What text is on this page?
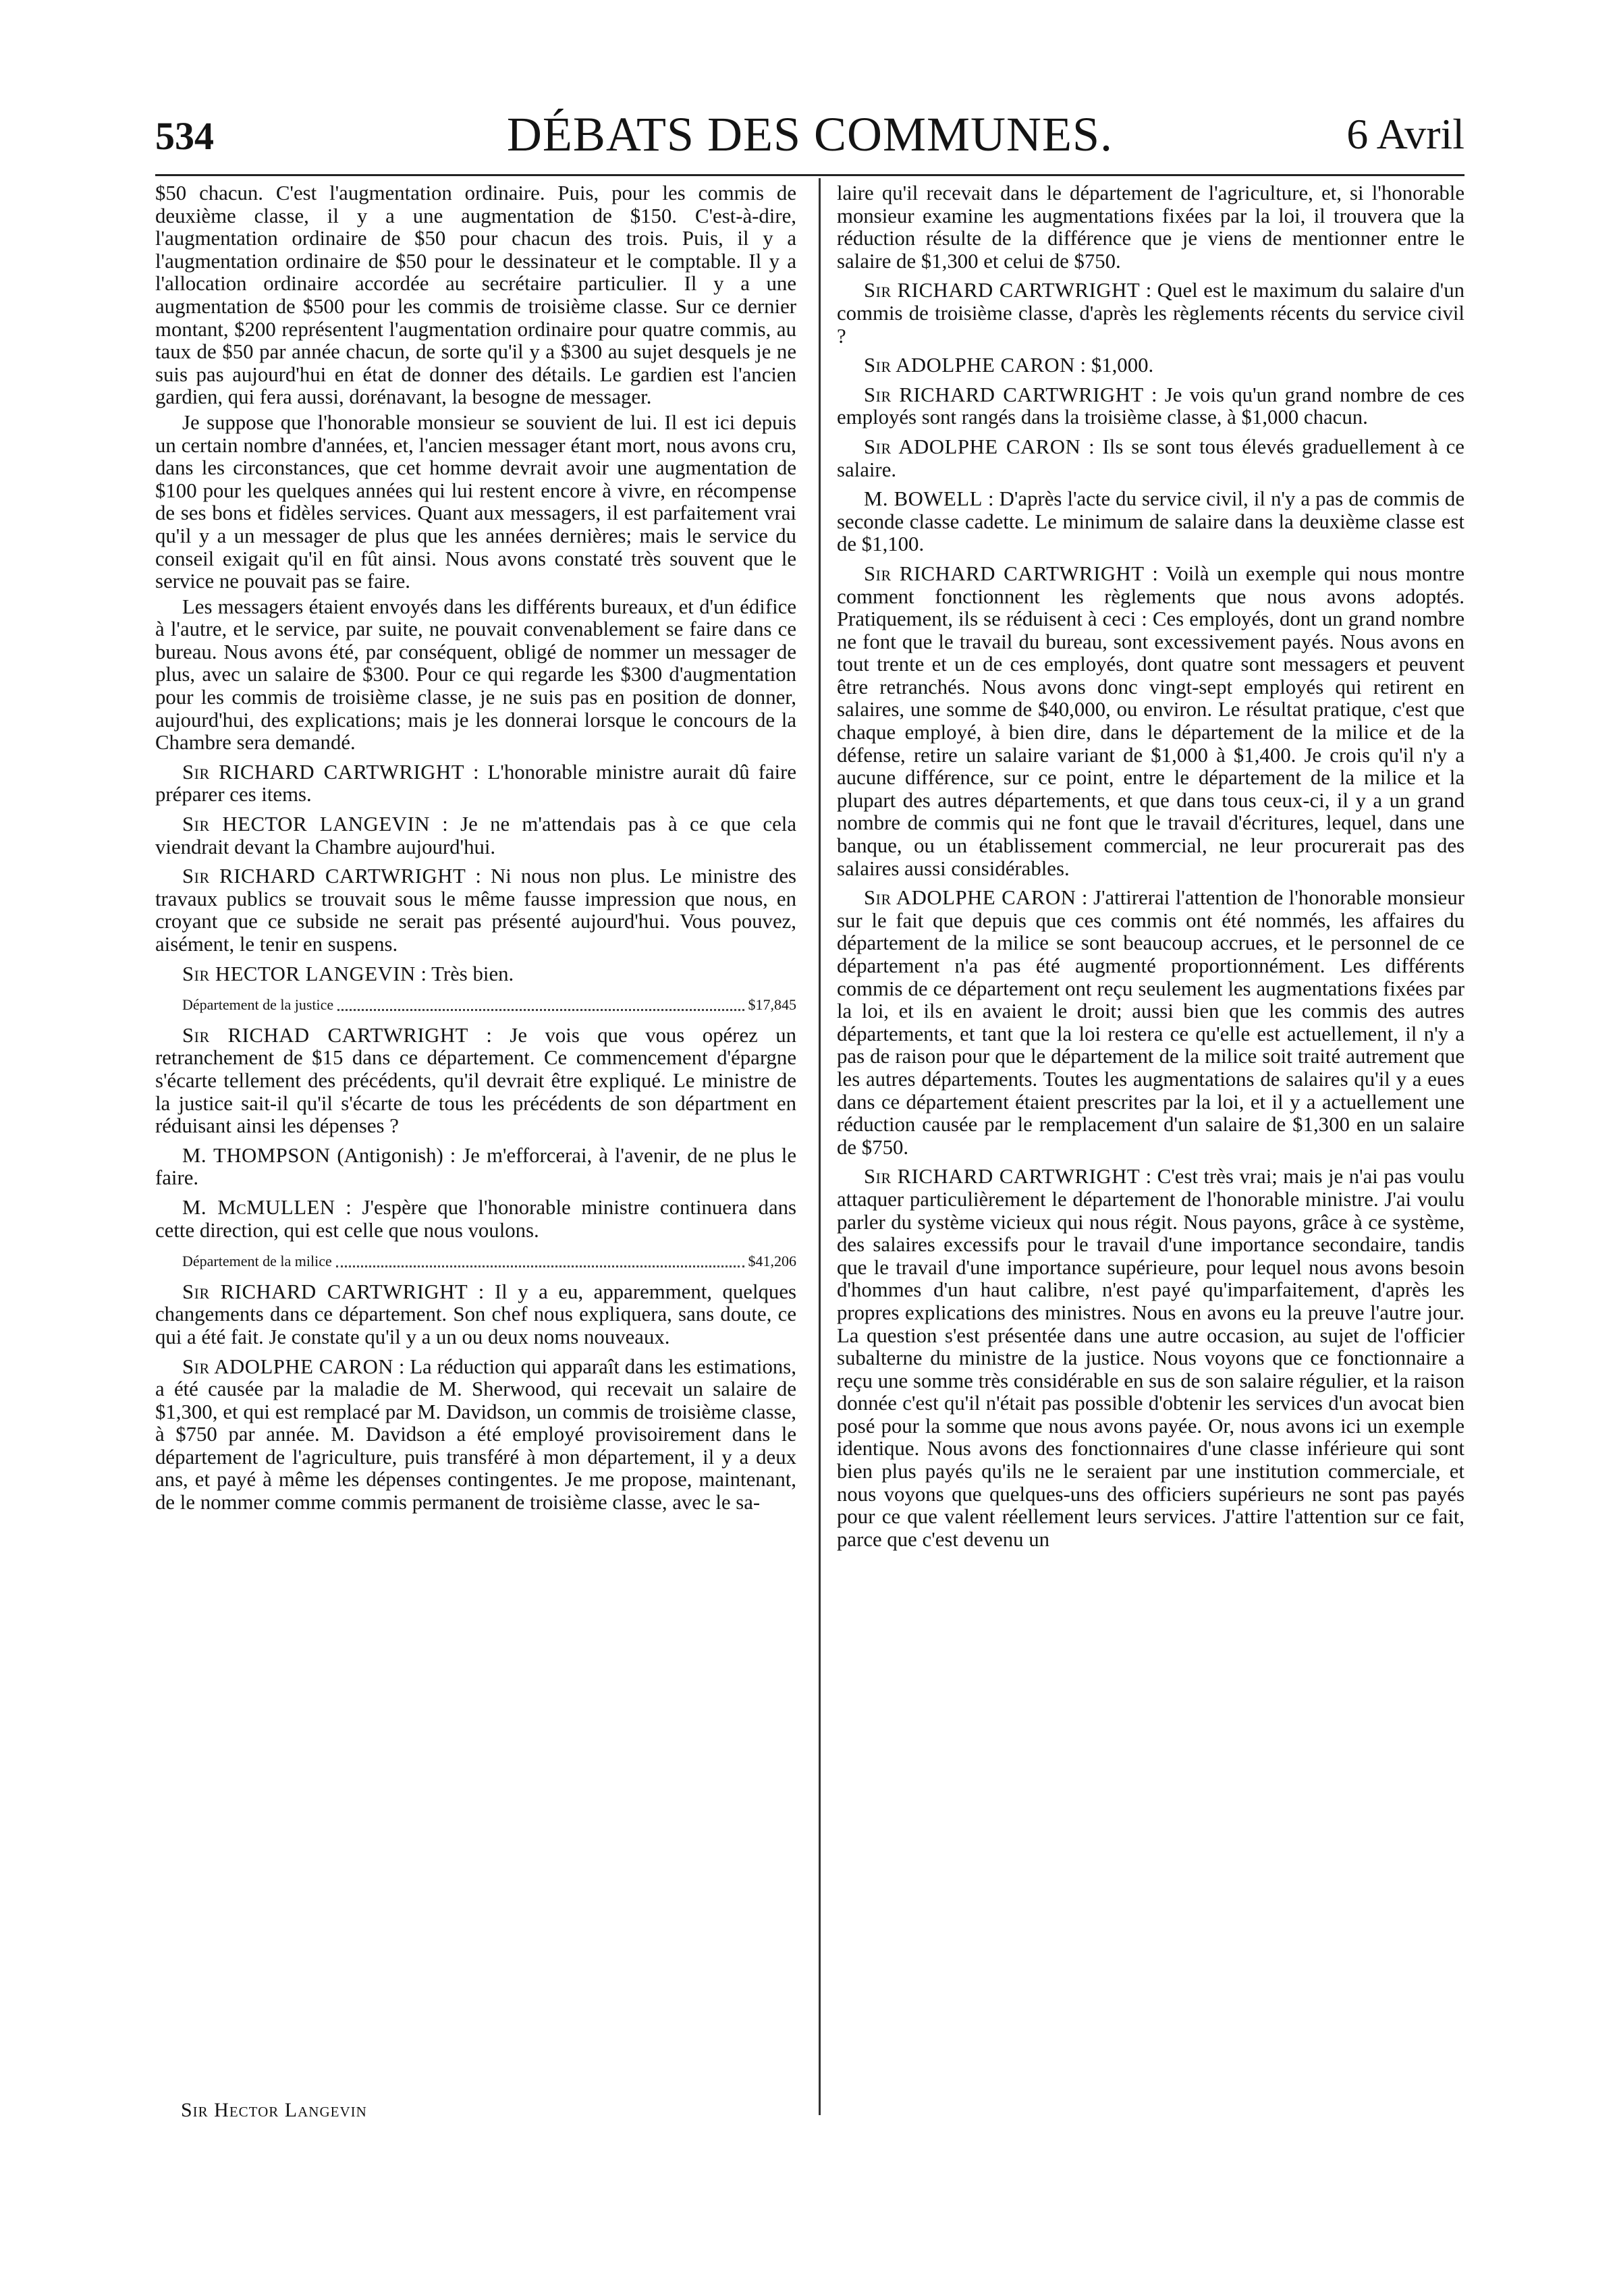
534	DÉBATS DES COMMUNES.	6 Avril

$50 chacun. C'est l'augmentation ordinaire. Puis, pour les commis de deuxième classe, il y a une augmentation de $150. C'est-à-dire, l'augmentation ordinaire de $50 pour chacun des trois. Puis, il y a l'augmentation ordinaire de $50 pour le dessinateur et le comptable. Il y a l'allocation ordinaire accordée au secrétaire particulier. Il y a une augmentation de $500 pour les commis de troisième classe. Sur ce dernier montant, $200 représentent l'augmentation ordinaire pour quatre commis, au taux de $50 par année chacun, de sorte qu'il y a $300 au sujet desquels je ne suis pas aujourd'hui en état de donner des détails. Le gardien est l'ancien gardien, qui fera aussi, dorénavant, la besogne de messager.

Je suppose que l'honorable monsieur se souvient de lui. Il est ici depuis un certain nombre d'années, et, l'ancien messager étant mort, nous avons cru, dans les circonstances, que cet homme devrait avoir une augmentation de $100 pour les quelques années qui lui restent encore à vivre, en récompense de ses bons et fidèles services. Quant aux messagers, il est parfaitement vrai qu'il y a un messager de plus que les années dernières; mais le service du conseil exigait qu'il en fût ainsi. Nous avons constaté très souvent que le service ne pouvait pas se faire.

Les messagers étaient envoyés dans les différents bureaux, et d'un édifice à l'autre, et le service, par suite, ne pouvait convenablement se faire dans ce bureau. Nous avons été, par conséquent, obligé de nommer un messager de plus, avec un salaire de $300. Pour ce qui regarde les $300 d'augmentation pour les commis de troisième classe, je ne suis pas en position de donner, aujourd'hui, des explications; mais je les donnerai lorsque le concours de la Chambre sera demandé.

Sir RICHARD CARTWRIGHT : L'honorable ministre aurait dû faire préparer ces items.

Sir HECTOR LANGEVIN : Je ne m'attendais pas à ce que cela viendrait devant la Chambre aujourd'hui.

Sir RICHARD CARTWRIGHT : Ni nous non plus. Le ministre des travaux publics se trouvait sous le même fausse impression que nous, en croyant que ce subside ne serait pas présenté aujourd'hui. Vous pouvez, aisément, le tenir en suspens.

Sir HECTOR LANGEVIN : Très bien.

Département de la justice	$17,845

Sir RICHAD CARTWRIGHT : Je vois que vous opérez un retranchement de $15 dans ce département. Ce commencement d'épargne s'écarte tellement des précédents, qu'il devrait être expliqué. Le ministre de la justice sait-il qu'il s'écarte de tous les précédents de son départment en réduisant ainsi les dépenses ?

M. THOMPSON (Antigonish) : Je m'efforcerai, à l'avenir, de ne plus le faire.

M. McMULLEN : J'espère que l'honorable ministre continuera dans cette direction, qui est celle que nous voulons.

Département de la milice	$41,206

Sir RICHARD CARTWRIGHT : Il y a eu, apparemment, quelques changements dans ce département. Son chef nous expliquera, sans doute, ce qui a été fait. Je constate qu'il y a un ou deux noms nouveaux.

Sir ADOLPHE CARON : La réduction qui apparaît dans les estimations, a été causée par la maladie de M. Sherwood, qui recevait un salaire de $1,300, et qui est remplacé par M. Davidson, un commis de troisième classe, à $750 par année. M. Davidson a été employé provisoirement dans le département de l'agriculture, puis transféré à mon département, il y a deux ans, et payé à même les dépenses contingentes. Je me propose, maintenant, de le nommer comme commis permanent de troisième classe, avec le sa-

laire qu'il recevait dans le département de l'agriculture, et, si l'honorable monsieur examine les augmentations fixées par la loi, il trouvera que la réduction résulte de la différence que je viens de mentionner entre le salaire de $1,300 et celui de $750.

Sir RICHARD CARTWRIGHT : Quel est le maximum du salaire d'un commis de troisième classe, d'après les règlements récents du service civil ?

Sir ADOLPHE CARON : $1,000.

Sir RICHARD CARTWRIGHT : Je vois qu'un grand nombre de ces employés sont rangés dans la troisième classe, à $1,000 chacun.

Sir ADOLPHE CARON : Ils se sont tous élevés graduellement à ce salaire.

M. BOWELL : D'après l'acte du service civil, il n'y a pas de commis de seconde classe cadette. Le minimum de salaire dans la deuxième classe est de $1,100.

Sir RICHARD CARTWRIGHT : Voilà un exemple qui nous montre comment fonctionnent les règlements que nous avons adoptés. Pratiquement, ils se réduisent à ceci : Ces employés, dont un grand nombre ne font que le travail du bureau, sont excessivement payés. Nous avons en tout trente et un de ces employés, dont quatre sont messagers et peuvent être retranchés. Nous avons donc vingt-sept employés qui retirent en salaires, une somme de $40,000, ou environ. Le résultat pratique, c'est que chaque employé, à bien dire, dans le département de la milice et de la défense, retire un salaire variant de $1,000 à $1,400. Je crois qu'il n'y a aucune différence, sur ce point, entre le département de la milice et la plupart des autres départements, et que dans tous ceux-ci, il y a un grand nombre de commis qui ne font que le travail d'écritures, lequel, dans une banque, ou un établissement commercial, ne leur procurerait pas des salaires aussi considérables.

Sir ADOLPHE CARON : J'attirerai l'attention de l'honorable monsieur sur le fait que depuis que ces commis ont été nommés, les affaires du département de la milice se sont beaucoup accrues, et le personnel de ce département n'a pas été augmenté proportionnément. Les différents commis de ce département ont reçu seulement les augmentations fixées par la loi, et ils en avaient le droit; aussi bien que les commis des autres départements, et tant que la loi restera ce qu'elle est actuellement, il n'y a pas de raison pour que le département de la milice soit traité autrement que les autres départements. Toutes les augmentations de salaires qu'il y a eues dans ce département étaient prescrites par la loi, et il y a actuellement une réduction causée par le remplacement d'un salaire de $1,300 en un salaire de $750.

Sir RICHARD CARTWRIGHT : C'est très vrai; mais je n'ai pas voulu attaquer particulièrement le département de l'honorable ministre. J'ai voulu parler du système vicieux qui nous régit. Nous payons, grâce à ce système, des salaires excessifs pour le travail d'une importance secondaire, tandis que le travail d'une importance supérieure, pour lequel nous avons besoin d'hommes d'un haut calibre, n'est payé qu'imparfaitement, d'après les propres explications des ministres. Nous en avons eu la preuve l'autre jour. La question s'est présentée dans une autre occasion, au sujet de l'officier subalterne du ministre de la justice. Nous voyons que ce fonctionnaire a reçu une somme très considérable en sus de son salaire régulier, et la raison donnée c'est qu'il n'était pas possible d'obtenir les services d'un avocat bien posé pour la somme que nous avons payée. Or, nous avons ici un exemple identique. Nous avons des fonctionnaires d'une classe inférieure qui sont bien plus payés qu'ils ne le seraient par une institution commerciale, et nous voyons que quelques-uns des officiers supérieurs ne sont pas payés pour ce que valent réellement leurs services. J'attire l'attention sur ce fait, parce que c'est devenu un

Sir Hector Langevin
